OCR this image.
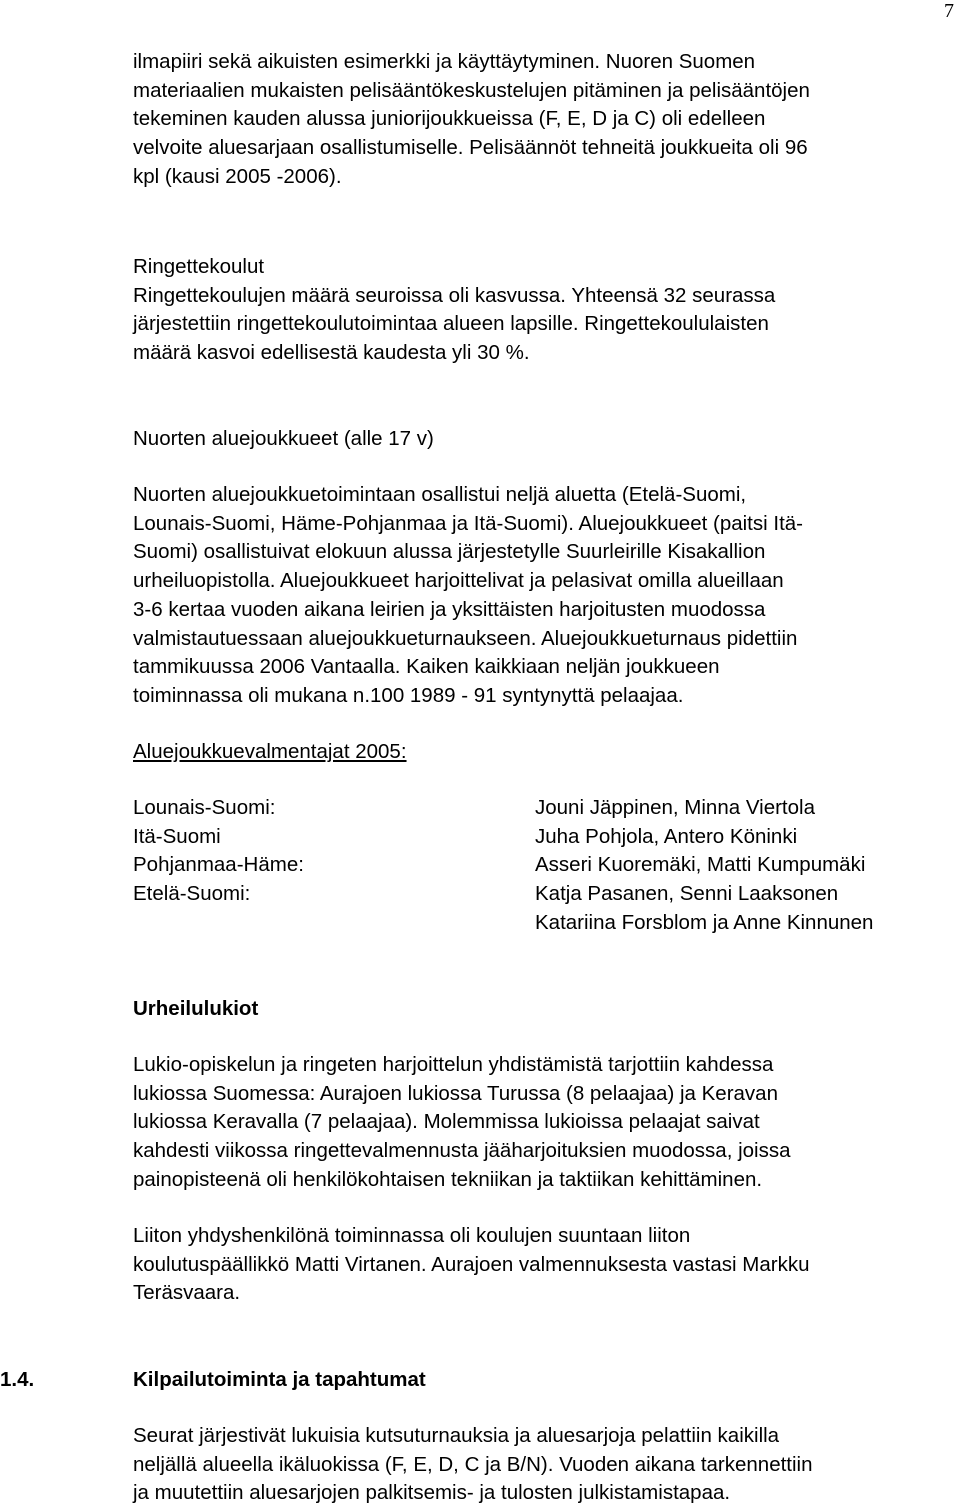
7
ilmapiiri sekä aikuisten esimerkki ja käyttäytyminen. Nuoren Suomen
materiaalien mukaisten pelisääntökeskustelujen pitäminen ja pelisääntöjen
tekeminen kauden alussa juniorijoukkueissa (F, E, D ja C) oli edelleen
velvoite aluesarjaan osallistumiselle. Pelisäännöt tehneitä joukkueita oli 96
kpl (kausi 2005 -2006).
Ringettekoulut
Ringettekoulujen määrä seuroissa oli kasvussa. Yhteensä 32 seurassa
järjestettiin ringettekoulutoimintaa alueen lapsille. Ringettekoululaisten
määrä kasvoi edellisestä kaudesta yli 30 %.
Nuorten aluejoukkueet (alle 17 v)
Nuorten aluejoukkuetoimintaan osallistui neljä aluetta (Etelä-Suomi,
Lounais-Suomi, Häme-Pohjanmaa ja Itä-Suomi). Aluejoukkueet (paitsi Itä-
Suomi) osallistuivat elokuun alussa järjestetylle Suurleirille Kisakallion
urheiluopistolla. Aluejoukkueet harjoittelivat ja pelasivat omilla alueillaan
3-6 kertaa vuoden aikana leirien ja yksittäisten harjoitusten muodossa
valmistautuessaan aluejoukkueturnaukseen. Aluejoukkueturnaus pidettiin
tammikuussa 2006 Vantaalla. Kaiken kaikkiaan neljän joukkueen
toiminnassa oli mukana n.100 1989 - 91 syntynyttä pelaajaa.
Aluejoukkuevalmentajat 2005:
Lounais-Suomi:
Itä-Suomi
Pohjanmaa-Häme:
Etelä-Suomi:
Jouni Jäppinen, Minna Viertola
Juha Pohjola, Antero Köninki
Asseri Kuoremäki, Matti Kumpumäki
Katja Pasanen, Senni Laaksonen
Katariina Forsblom ja Anne Kinnunen
Urheilulukiot
Lukio-opiskelun ja ringeten harjoittelun yhdistämistä tarjottiin kahdessa
lukiossa Suomessa: Aurajoen lukiossa Turussa (8 pelaajaa) ja Keravan
lukiossa Keravalla (7 pelaajaa). Molemmissa lukioissa pelaajat saivat
kahdesti viikossa ringettevalmennusta jääharjoituksien muodossa, joissa
painopisteenä oli henkilökohtaisen tekniikan ja taktiikan kehittäminen.
Liiton yhdyshenkilönä toiminnassa oli koulujen suuntaan liiton
koulutuspäällikkö Matti Virtanen. Aurajoen valmennuksesta vastasi Markku
Teräsvaara.
1.4.	Kilpailutoiminta ja tapahtumat
Seurat järjestivät lukuisia kutsuturnauksia ja aluesarjoja pelattiin kaikilla
neljällä alueella ikäluokissa (F, E, D, C ja B/N). Vuoden aikana tarkennettiin
ja muutettiin aluesarjojen palkitsemis- ja tulosten julkistamistapaa.
